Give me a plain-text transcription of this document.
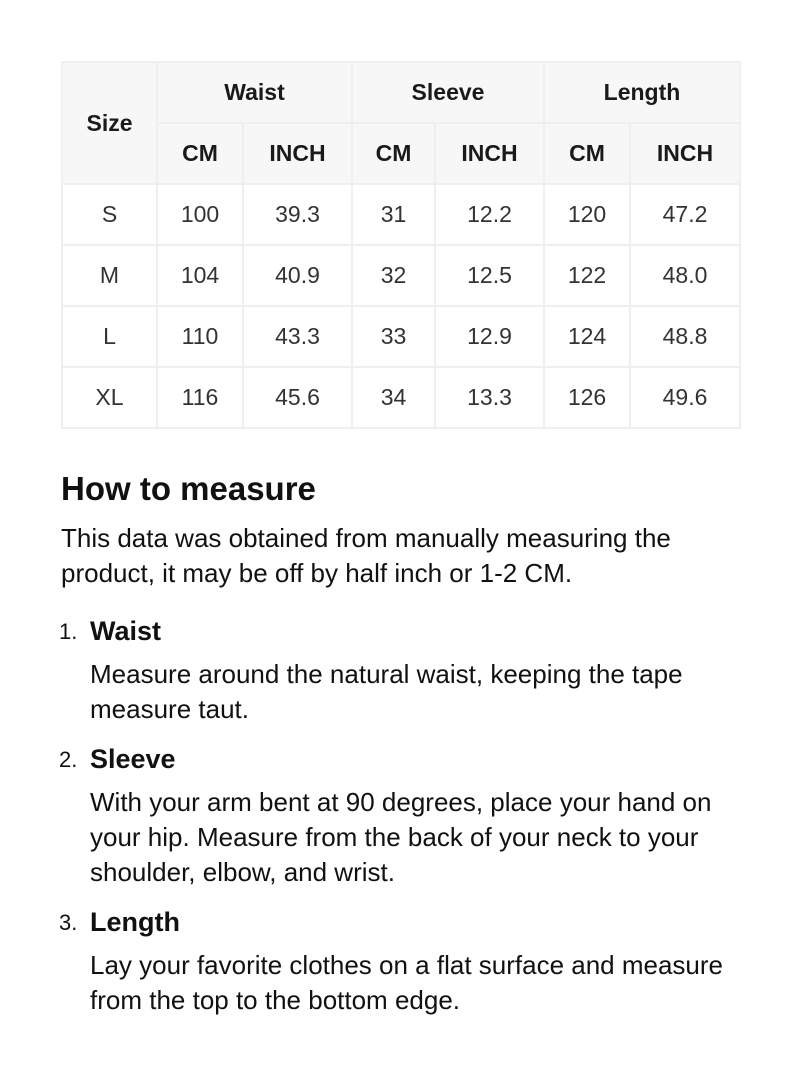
Size	Waist		Sleeve		Length	
	CM	INCH	CM	INCH	CM	INCH
S	100	39.3	31	12.2	120	47.2
M	104	40.9	32	12.5	122	48.0
L	110	43.3	33	12.9	124	48.8
XL	116	45.6	34	13.3	126	49.6
How to measure

This data was obtained from manually measuring the product, it may be off by half inch or 1-2 CM.

1. Waist
Measure around the natural waist, keeping the tape measure taut.
2. Sleeve
With your arm bent at 90 degrees, place your hand on your hip. Measure from the back of your neck to your shoulder, elbow, and wrist.
3. Length
Lay your favorite clothes on a flat surface and measure from the top to the bottom edge.
